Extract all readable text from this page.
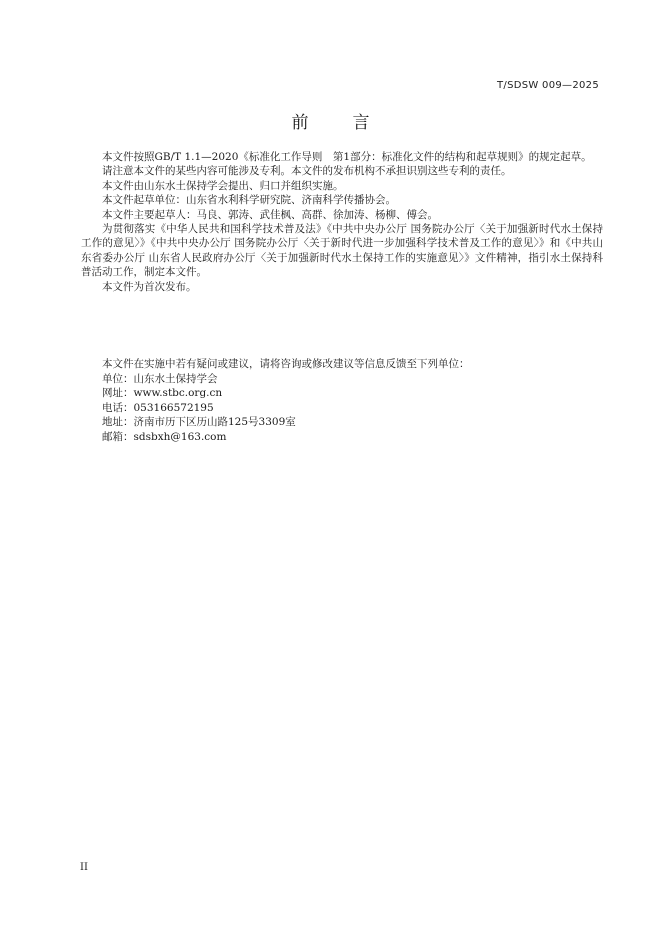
T/SDSW 009—2025
前	言

本文件按照GB/T 1.1—2020《标准化工作导则　第1部分：标准化文件的结构和起草规则》的规定起草。

请注意本文件的某些内容可能涉及专利。本文件的发布机构不承担识别这些专利的责任。

本文件由山东水土保持学会提出、归口并组织实施。

本文件起草单位：山东省水利科学研究院、济南科学传播协会。

本文件主要起草人：马良、郭涛、武佳枫、高群、徐加涛、杨柳、傅会。

为贯彻落实《中华人民共和国科学技术普及法》《中共中央办公厅 国务院办公厅〈关于加强新时代水土保持工作的意见〉》《中共中央办公厅 国务院办公厅〈关于新时代进一步加强科学技术普及工作的意见〉》和《中共山东省委办公厅 山东省人民政府办公厅〈关于加强新时代水土保持工作的实施意见〉》文件精神，指引水土保持科普活动工作，制定本文件。

本文件为首次发布。

本文件在实施中若有疑问或建议，请将咨询或修改建议等信息反馈至下列单位：

单位：山东水土保持学会

网址：www.stbc.org.cn

电话：053166572195

地址：济南市历下区历山路125号3309室

邮箱：sdsbxh@163.com

II
